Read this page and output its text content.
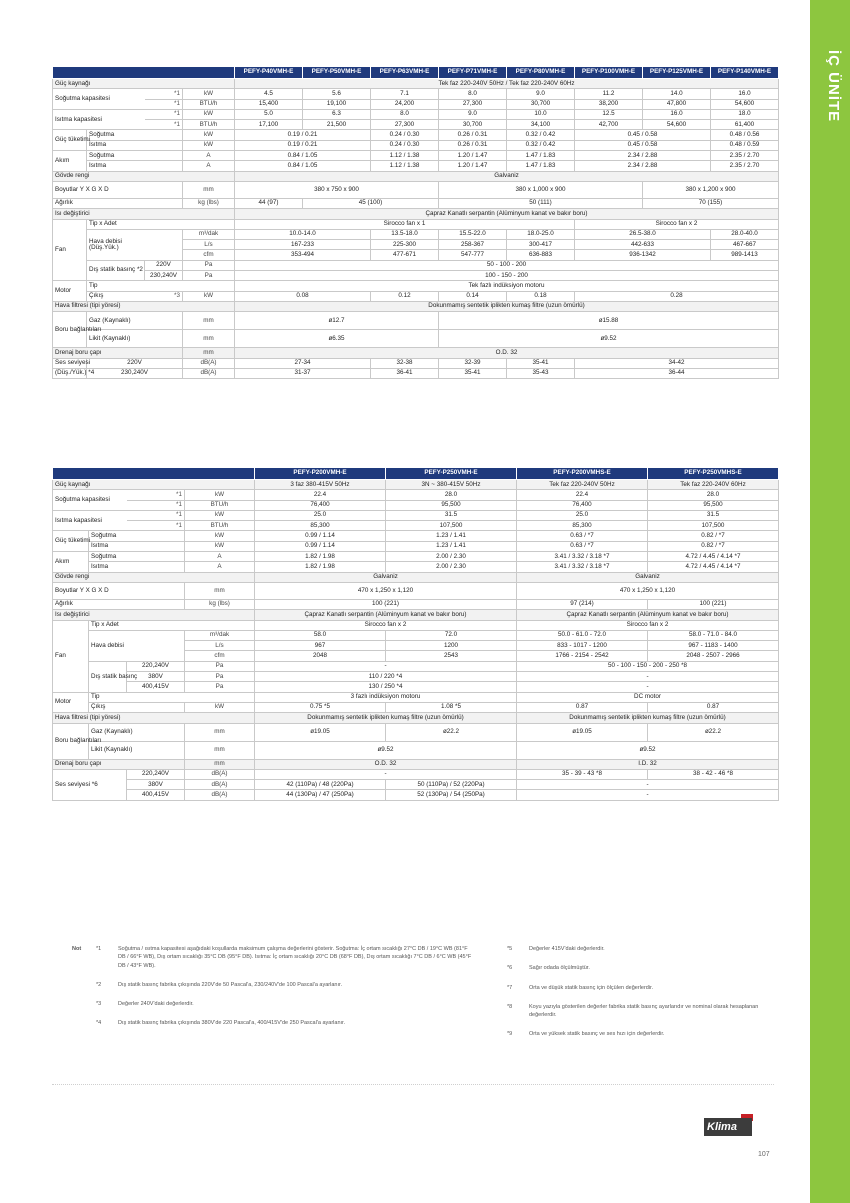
İÇ ÜNİTE
				PEFY-P40VMH-E	PEFY-P50VMH-E	PEFY-P63VMH-E	PEFY-P71VMH-E	PEFY-P80VMH-E	PEFY-P100VMH-E	PEFY-P125VMH-E	PEFY-P140VMH-E
Güç kaynağı				Tek faz 220-240V 50Hz / Tek faz 220-240V 60Hz							
Soğutma kapasitesi		*1	kW	4.5	5.6	7.1	8.0	9.0	11.2	14.0	16.0
		*1	BTU/h	15,400	19,100	24,200	27,300	30,700	38,200	47,800	54,600
Isıtma kapasitesi		*1	kW	5.0	6.3	8.0	9.0	10.0	12.5	16.0	18.0
		*1	BTU/h	17,100	21,500	27,300	30,700	34,100	42,700	54,600	61,400
Güç tüketimi	Soğutma		kW	0.19 / 0.21		0.24 / 0.30	0.26 / 0.31	0.32 / 0.42	0.45 / 0.58		0.48 / 0.56
	Isıtma		kW	0.19 / 0.21		0.24 / 0.30	0.26 / 0.31	0.32 / 0.42	0.45 / 0.58		0.48 / 0.59
Akım	Soğutma		A	0.84 / 1.05		1.12 / 1.38	1.20 / 1.47	1.47 / 1.83	2.34 / 2.88		2.35 / 2.70
	Isıtma		A	0.84 / 1.05		1.12 / 1.38	1.20 / 1.47	1.47 / 1.83	2.34 / 2.88		2.35 / 2.70
Gövde rengi				Galvaniz							
Boyutlar Y X G X D			mm	380 x 750 x 900			380 x 1,000 x 900			380 x 1,200 x 900	
Ağırlık			kg (lbs)	44 (97)	45 (100)		50 (111)			70 (155)	
Isı değiştirici				Çapraz Kanatlı serpantin (Alüminyum kanat ve bakır boru)							
Fan	Tip x Adet			Sirocco fan x 1					Sirocco fan x 2		
	Hava debisi
(Düş.Yük.)		m³/dak	10.0-14.0		13.5-18.0	15.5-22.0	18.0-25.0	26.5-38.0		28.0-40.0
			L/s	167-233		225-300	258-367	300-417	442-633		467-667
			cfm	353-494		477-671	547-777	636-883	936-1342		989-1413
	Dış statik basınç *2	220V	Pa	50 - 100 - 200							
		230,240V	Pa	100 - 150 - 200							
Motor	Tip			Tek fazlı indüksiyon motoru							
	Çıkış	*3	kW	0.08		0.12	0.14	0.18	0.28		
Hava filtresi (tipi yöresi)				Dokunmamış sentetik iplikten kumaş filtre (uzun ömürlü)							
Boru bağlantıları	Gaz (Kaynaklı)		mm	ø12.7			ø15.88				
	Likit (Kaynaklı)		mm	ø6.35			ø9.52				
Drenaj boru çapı			mm	O.D. 32							
Ses seviyesi	220V		dB(A)	27-34		32-38	32-39	35-41	34-42		
(Düş./Yük.) *4	230,240V		dB(A)	31-37		36-41	35-41	35-43	36-44		
				PEFY-P200VMH-E	PEFY-P250VMH-E	PEFY-P200VMHS-E	PEFY-P250VMHS-E
Güç kaynağı				3 faz 380-415V 50Hz	3N ~ 380-415V 50Hz	Tek faz 220-240V 50Hz	Tek faz 220-240V 60Hz
Soğutma kapasitesi		*1	kW	22.4	28.0	22.4	28.0
		*1	BTU/h	76,400	95,500	76,400	95,500
Isıtma kapasitesi		*1	kW	25.0	31.5	25.0	31.5
		*1	BTU/h	85,300	107,500	85,300	107,500
Güç tüketimi	Soğutma		kW	0.99 / 1.14	1.23 / 1.41	0.63 / *7	0.82 / *7
	Isıtma		kW	0.99 / 1.14	1.23 / 1.41	0.63 / *7	0.82 / *7
Akım	Soğutma		A	1.82 / 1.98	2.00 / 2.30	3.41 / 3.32 / 3.18 *7	4.72 / 4.45 / 4.14 *7
	Isıtma		A	1.82 / 1.98	2.00 / 2.30	3.41 / 3.32 / 3.18 *7	4.72 / 4.45 / 4.14 *7
Gövde rengi				Galvaniz		Galvaniz	
Boyutlar Y X G X D			mm	470 x 1,250 x 1,120		470 x 1,250 x 1,120	
Ağırlık			kg (lbs)	100 (221)		97 (214)	100 (221)
Isı değiştirici				Çapraz Kanatlı serpantin (Alüminyum kanat ve bakır boru)		Çapraz Kanatlı serpantin (Alüminyum kanat ve bakır boru)	
Fan	Tip x Adet			Sirocco fan x 2		Sirocco fan x 2	
	Hava debisi		m³/dak	58.0	72.0	50.0 - 61.0 - 72.0	58.0 - 71.0 - 84.0
			L/s	967	1200	833 - 1017 - 1200	967 - 1183 - 1400
			cfm	2048	2543	1766 - 2154 - 2542	2048 - 2507 - 2966
	Dış statik basınç	220,240V	Pa	-		50 - 100 - 150 - 200 - 250 *8	
		380V	Pa	110 / 220 *4		-	
		400,415V	Pa	130 / 250 *4		-	
Motor	Tip			3 fazlı indüksiyon motoru		DC motor	
	Çıkış		kW	0.75 *5	1.08 *5	0.87	0.87
Hava filtresi (tipi yöresi)				Dokunmamış sentetik iplikten kumaş filtre (uzun ömürlü)		Dokunmamış sentetik iplikten kumaş filtre (uzun ömürlü)	
Boru bağlantıları	Gaz (Kaynaklı)		mm	ø19.05	ø22.2	ø19.05	ø22.2
	Likit (Kaynaklı)		mm	ø9.52		ø9.52	
Drenaj boru çapı			mm	O.D. 32		I.D. 32	
Ses seviyesi *6		220,240V	dB(A)	-		35 - 39 - 43 *8	38 - 42 - 46 *8
		380V	dB(A)	42 (110Pa) / 48 (220Pa)	50 (110Pa) / 52 (220Pa)	-	
		400,415V	dB(A)	44 (130Pa) / 47 (250Pa)	52 (130Pa) / 54 (250Pa)	-	
Not	*1	Soğutma / ısıtma kapasitesi aşağıdaki koşullarda maksimum çalışma değerlerini gösterir. Soğutma: İç ortam sıcaklığı 27°C DB / 19°C WB (81°F DB / 66°F WB), Dış ortam sıcaklığı 35°C DB (95°F DB). Isıtma: İç ortam sıcaklığı 20°C DB (68°F DB), Dış ortam sıcaklığı 7°C DB / 6°C WB (45°F DB / 43°F WB).
*2	Dış statik basınç fabrika çıkışında 220V'de 50 Pascal'a, 230/240V'de 100 Pascal'a ayarlanır.
*3	Değerler 240V'daki değerlerdir.
*4	Dış statik basınç fabrika çıkışında 380V'de 220 Pascal'a, 400/415V'de 250 Pascal'a ayarlanır.
*5	Değerler 415V'daki değerlerdir.
*6	Sağır odada ölçülmüştür.
*7	Orta ve düşük statik basınç için ölçülen değerlerdir.
*8	Koyu yazıyla gösterilen değerler fabrika statik basınç ayarlarıdır ve nominal olarak hesaplanan değerlerdir.
*9	Orta ve yüksek statik basınç ve ses hızı için değerlerdir.
Klima
107
